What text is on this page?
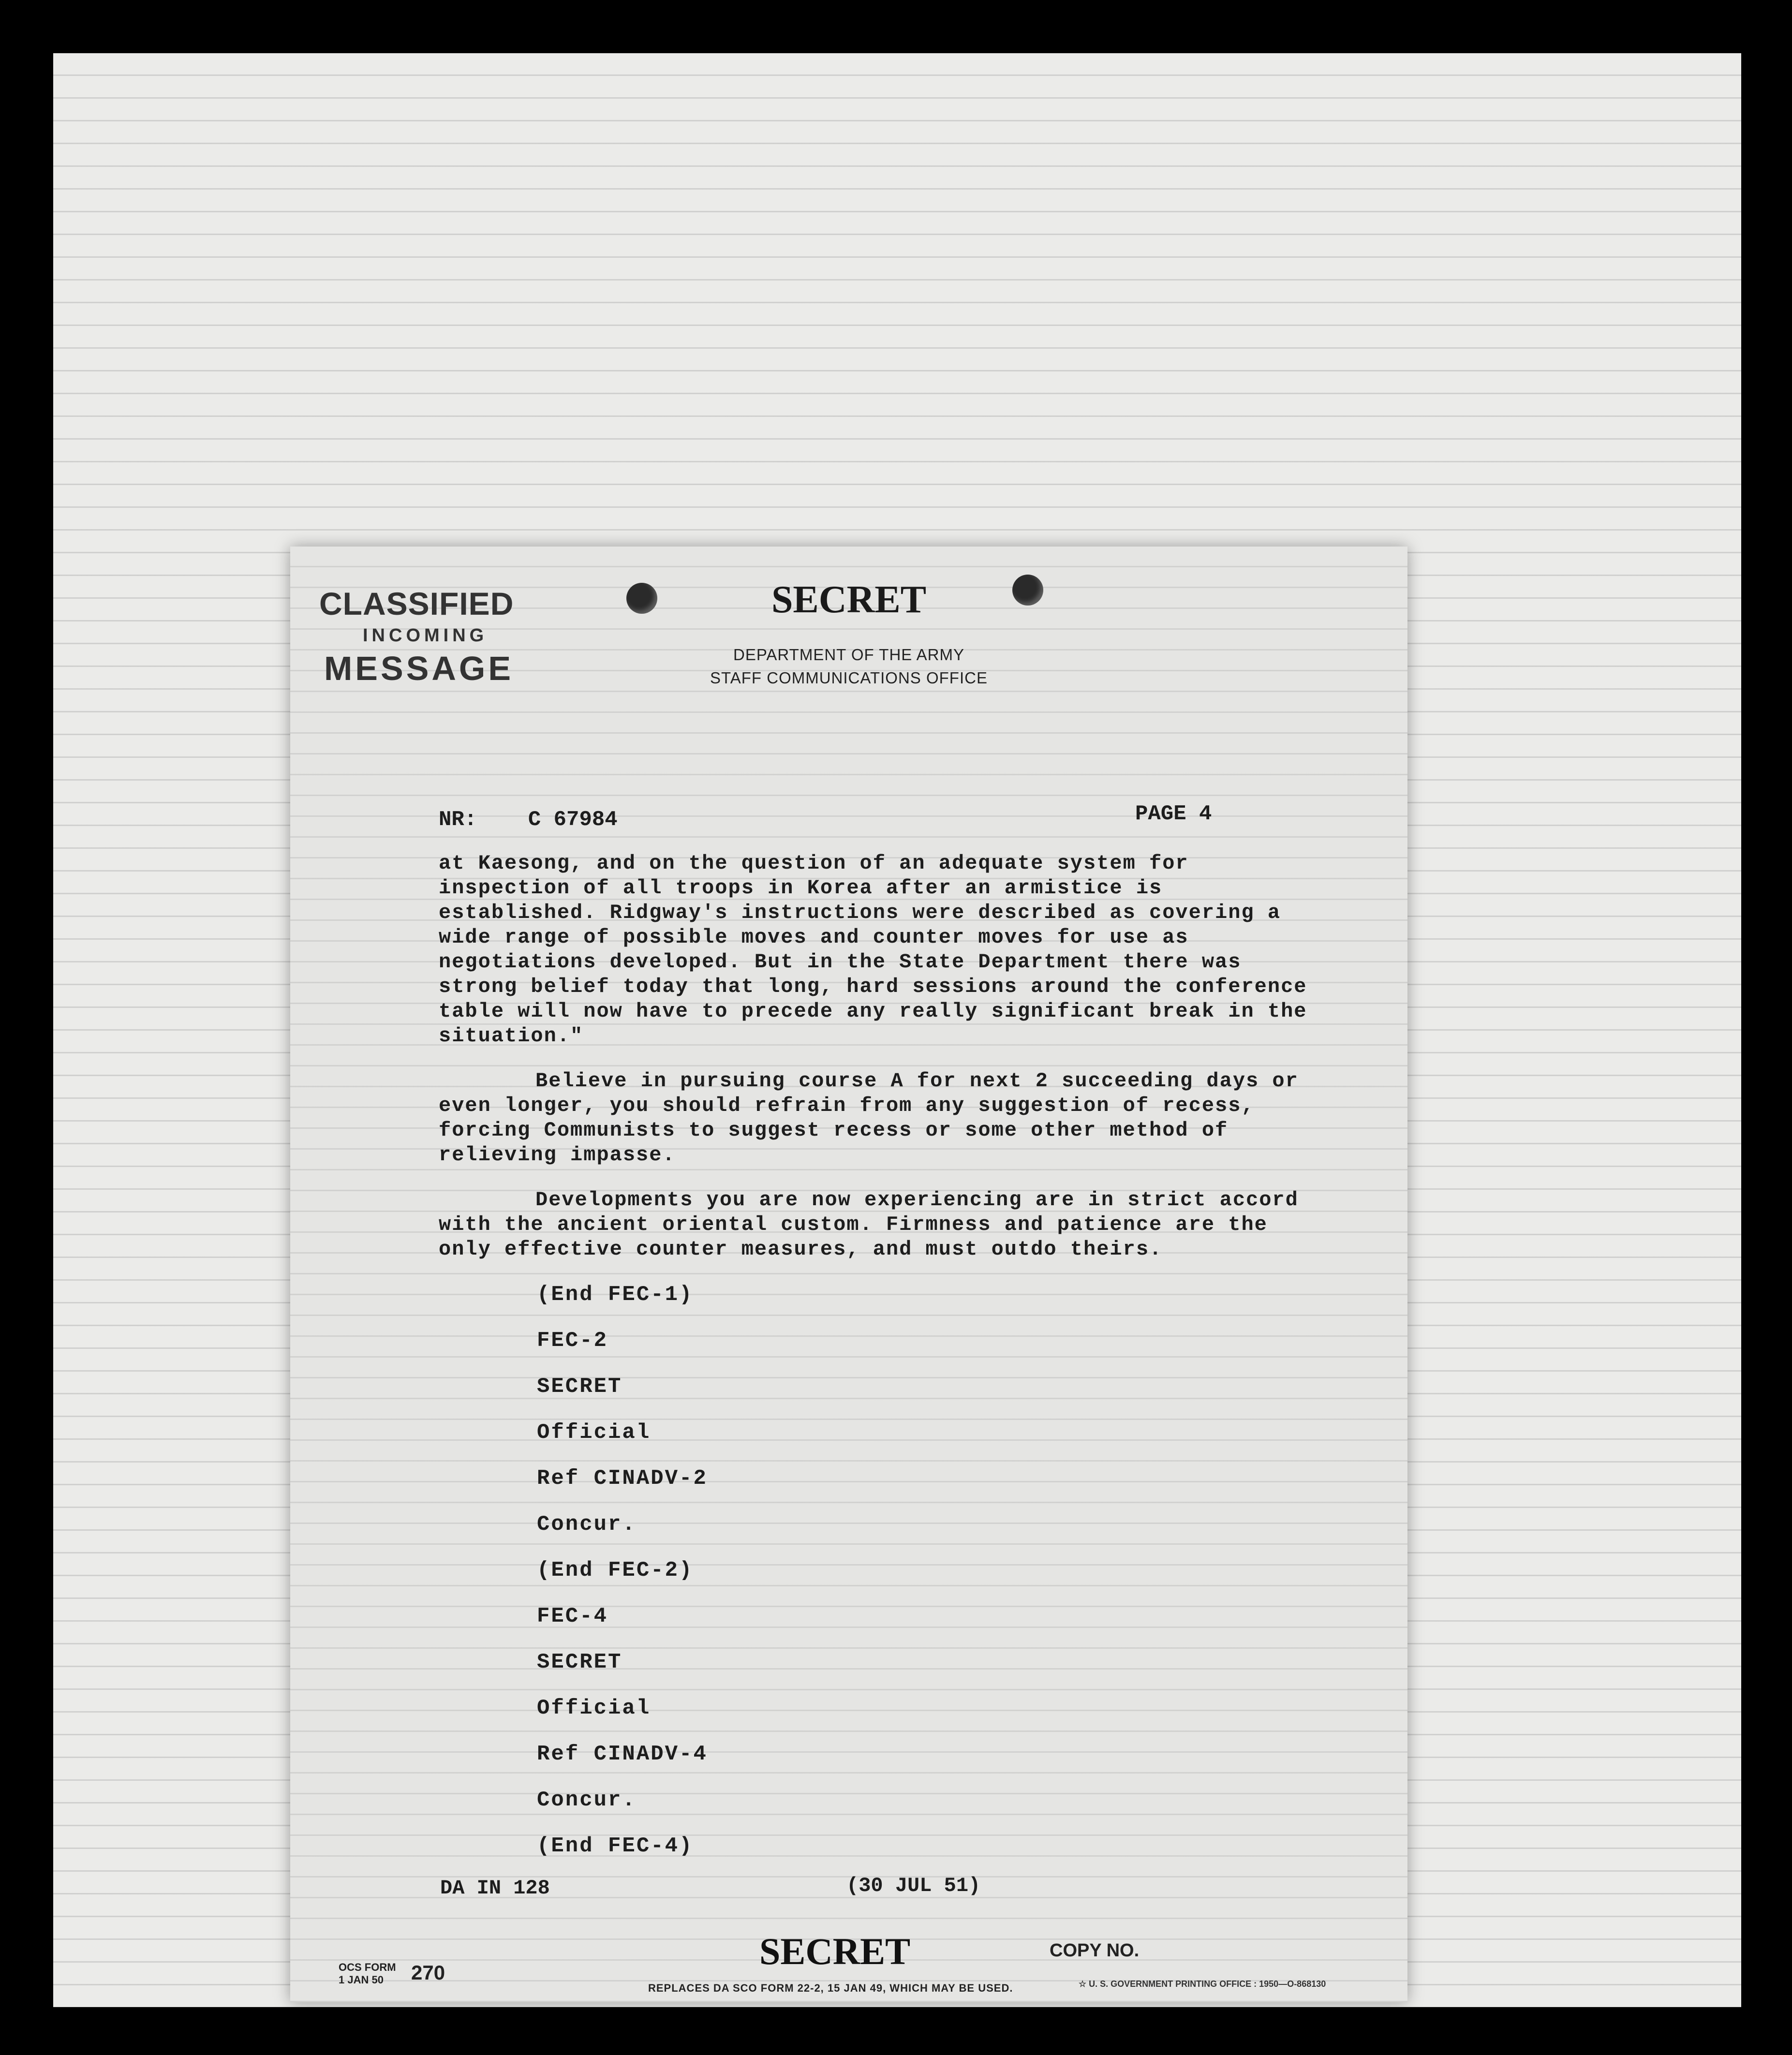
CLASSIFIED
INCOMING
MESSAGE
SECRET
DEPARTMENT OF THE ARMY
STAFF COMMUNICATIONS OFFICE
NR: C 67984	PAGE 4

at Kaesong, and on the question of an adequate system for inspection of all troops in Korea after an armistice is established. Ridgway's instructions were described as covering a wide range of possible moves and counter moves for use as negotiations developed. But in the State Department there was strong belief today that long, hard sessions around the conference table will now have to precede any really significant break in the situation."

Believe in pursuing course A for next 2 succeeding days or even longer, you should refrain from any suggestion of recess, forcing Communists to suggest recess or some other method of relieving impasse.

Developments you are now experiencing are in strict accord with the ancient oriental custom. Firmness and patience are the only effective counter measures, and must outdo theirs.

(End FEC-1)
FEC-2
SECRET
Official
Ref CINADV-2
Concur.
(End FEC-2)
FEC-4
SECRET
Official
Ref CINADV-4
Concur.
(End FEC-4)
DA IN 128	(30 JUL 51)
SECRET	COPY NO.
OCS FORM
1 JAN 50	270
REPLACES DA SCO FORM 22-2, 15 JAN 49, WHICH MAY BE USED.	☆ U. S. GOVERNMENT PRINTING OFFICE : 1950—O-868130
